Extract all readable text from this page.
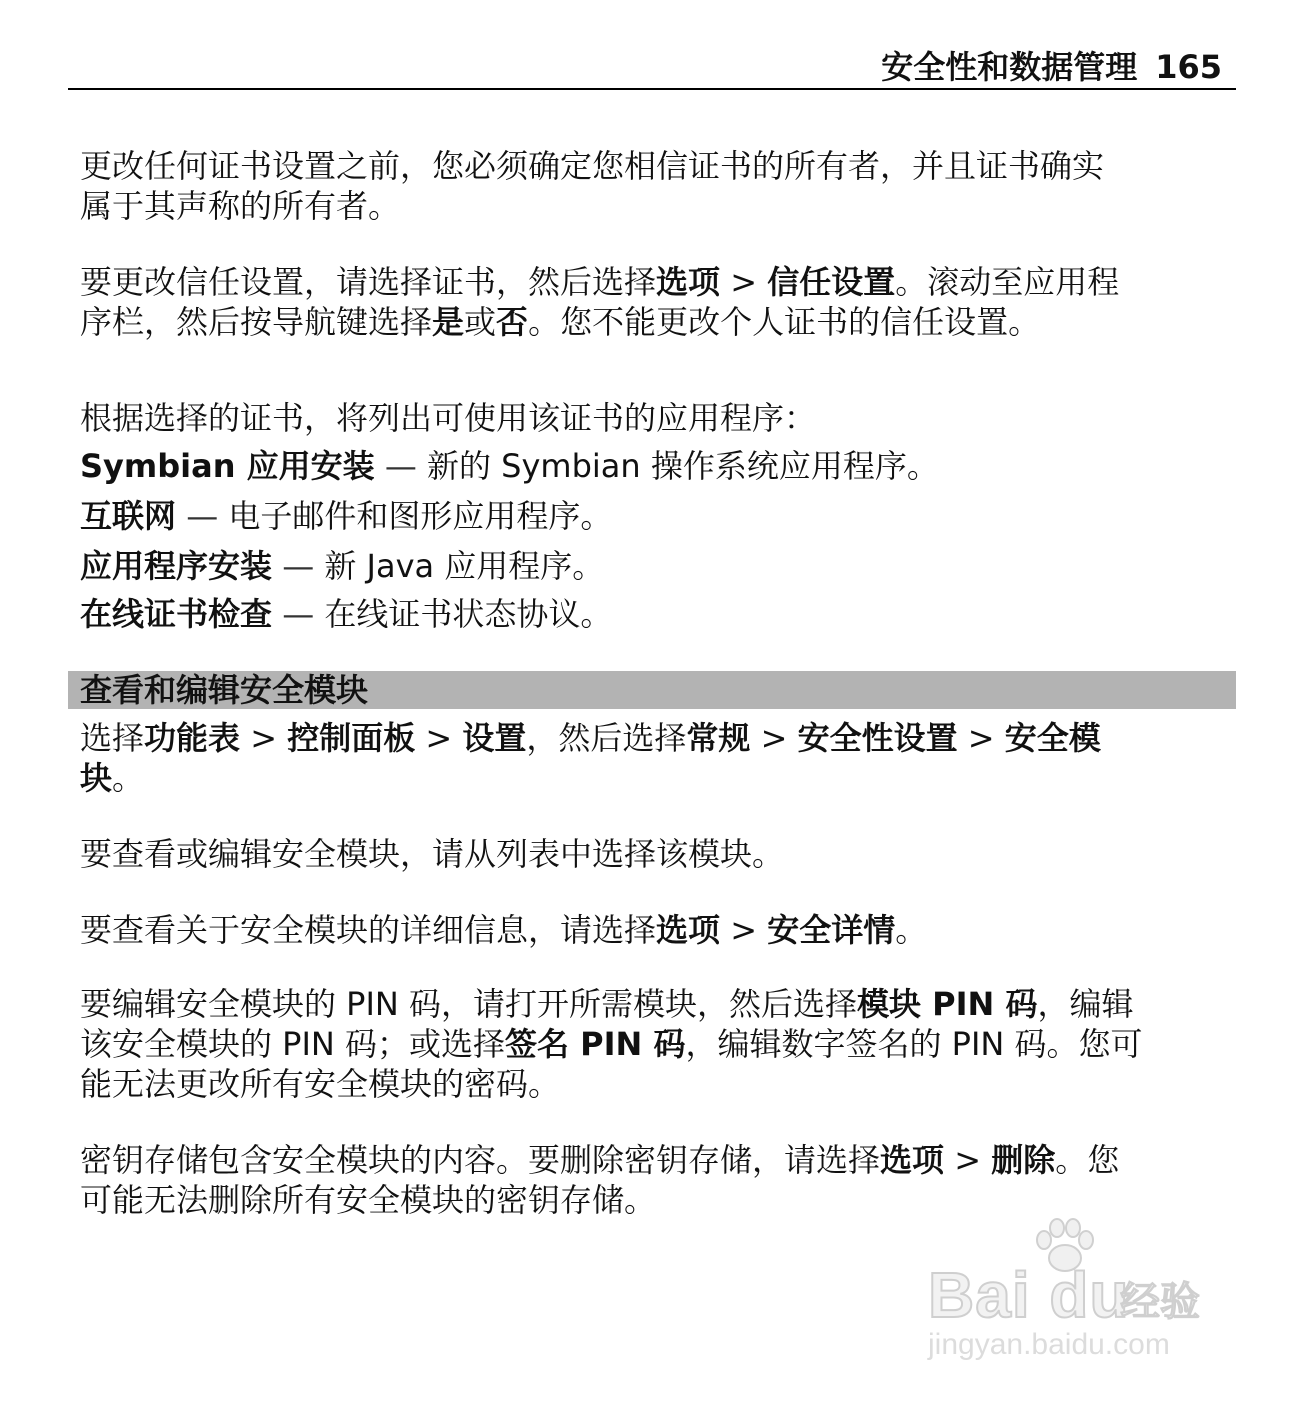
安全性和数据管理 165

更改任何证书设置之前，您必须确定您相信证书的所有者，并且证书确实

属于其声称的所有者。

要更改信任设置，请选择证书，然后选择选项 > 信任设置。滚动至应用程

序栏，然后按导航键选择是或否。您不能更改个人证书的信任设置。

根据选择的证书，将列出可使用该证书的应用程序：

Symbian 应用安装 — 新的 Symbian 操作系统应用程序。

互联网 — 电子邮件和图形应用程序。

应用程序安装 — 新 Java 应用程序。

在线证书检查 — 在线证书状态协议。

查看和编辑安全模块

选择功能表 > 控制面板 > 设置，然后选择常规 > 安全性设置 > 安全模

块。

要查看或编辑安全模块，请从列表中选择该模块。

要查看关于安全模块的详细信息，请选择选项 > 安全详情。

要编辑安全模块的 PIN 码，请打开所需模块，然后选择模块 PIN 码，编辑

该安全模块的 PIN 码；或选择签名 PIN 码，编辑数字签名的 PIN 码。您可

能无法更改所有安全模块的密码。

密钥存储包含安全模块的内容。要删除密钥存储，请选择选项 > 删除。您

可能无法删除所有安全模块的密钥存储。

Bai du
经验
jingyan.baidu.com
